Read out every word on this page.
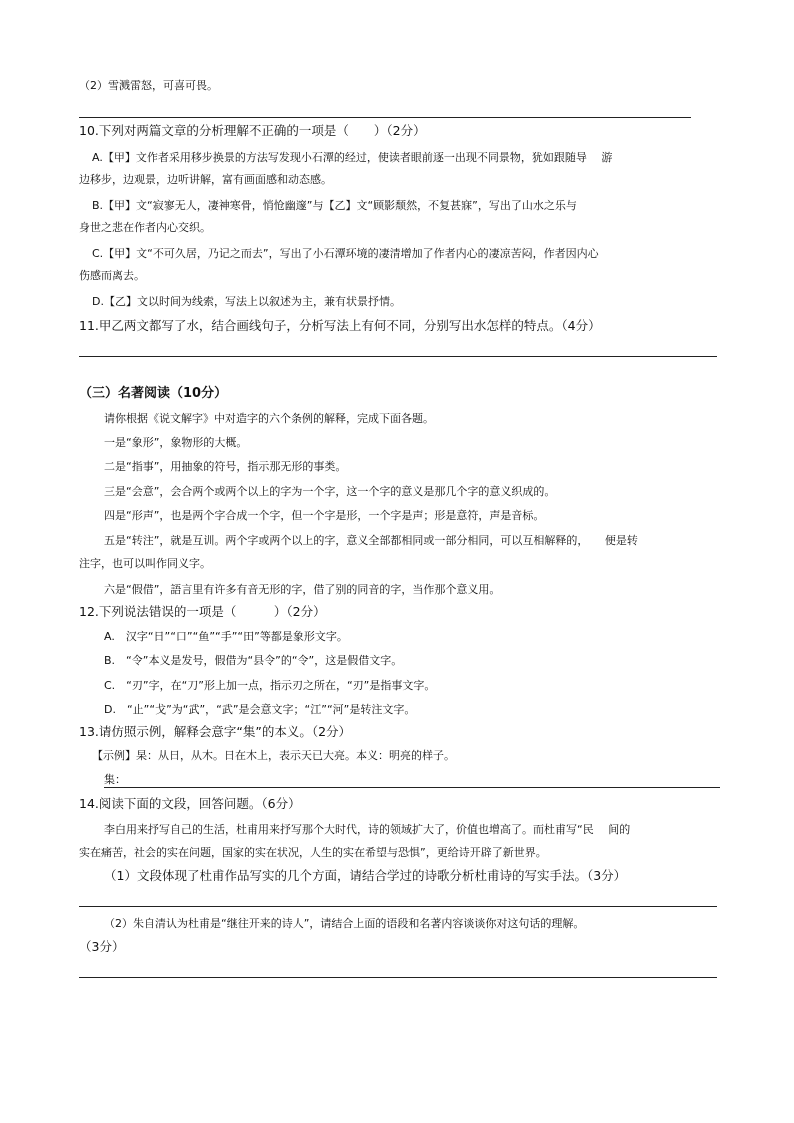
（2）雪溅雷怒，可喜可畏。
10.下列对两篇文章的分析理解不正确的一项是（　　）（2分）
A.【甲】文作者采用移步换景的方法写发现小石潭的经过，使读者眼前逐一出现不同景物，犹如跟随导　 游
边移步，边观景，边听讲解，富有画面感和动态感。
B.【甲】文“寂寥无人，凄神寒骨，悄怆幽邃”与【乙】文“顾影颓然，不复甚寐”，写出了山水之乐与
身世之悲在作者内心交织。
C.【甲】文“不可久居，乃记之而去”，写出了小石潭环境的凄清增加了作者内心的凄凉苦闷，作者因内心
伤感而离去。
D.【乙】文以时间为线索，写法上以叙述为主，兼有状景抒情。
11.甲乙两文都写了水，结合画线句子，分析写法上有何不同，分别写出水怎样的特点。（4分）
（三）名著阅读（10分）
请你根据《说文解字》中对造字的六个条例的解释，完成下面各题。
一是“象形”，象物形的大概。
二是“指事”，用抽象的符号，指示那无形的事类。
三是“会意”，会合两个或两个以上的字为一个字，这一个字的意义是那几个字的意义织成的。
四是“形声”，也是两个字合成一个字，但一个字是形，一个字是声；形是意符，声是音标。
五是“转注”，就是互训。两个字或两个以上的字，意义全部都相同或一部分相同，可以互相解释的，　　便是转
注字，也可以叫作同义字。
六是“假借”，語言里有许多有音无形的字，借了别的同音的字，当作那个意义用。
12.下列说法错误的一项是（　　　）（2分）
A.　汉字“日”“口”“鱼”“手”“田”等都是象形文字。
B.　“令”本义是发号，假借为“县令”的“令”，这是假借文字。
C.　“刃”字，在“刀”形上加一点，指示刃之所在，“刃”是指事文字。
D.　“止”“戈”为“武”，“武”是会意文字；“江”“河”是转注文字。
13.请仿照示例，解释会意字“集”的本义。（2分）
【示例】杲：从日，从木。日在木上，表示天已大亮。本义：明亮的样子。
集：
14.阅读下面的文段，回答问题。（6分）
李白用来抒写自己的生活，杜甫用来抒写那个大时代，诗的领域扩大了，价值也增高了。而杜甫写“民　 间的
实在痛苦，社会的实在问题，国家的实在状况，人生的实在希望与恐惧”，更给诗开辟了新世界。
（1）文段体现了杜甫作品写实的几个方面，请结合学过的诗歌分析杜甫诗的写实手法。（3分）
（2）朱自清认为杜甫是“继往开来的诗人”，请结合上面的语段和名著内容谈谈你对这句话的理解。
（3分）
